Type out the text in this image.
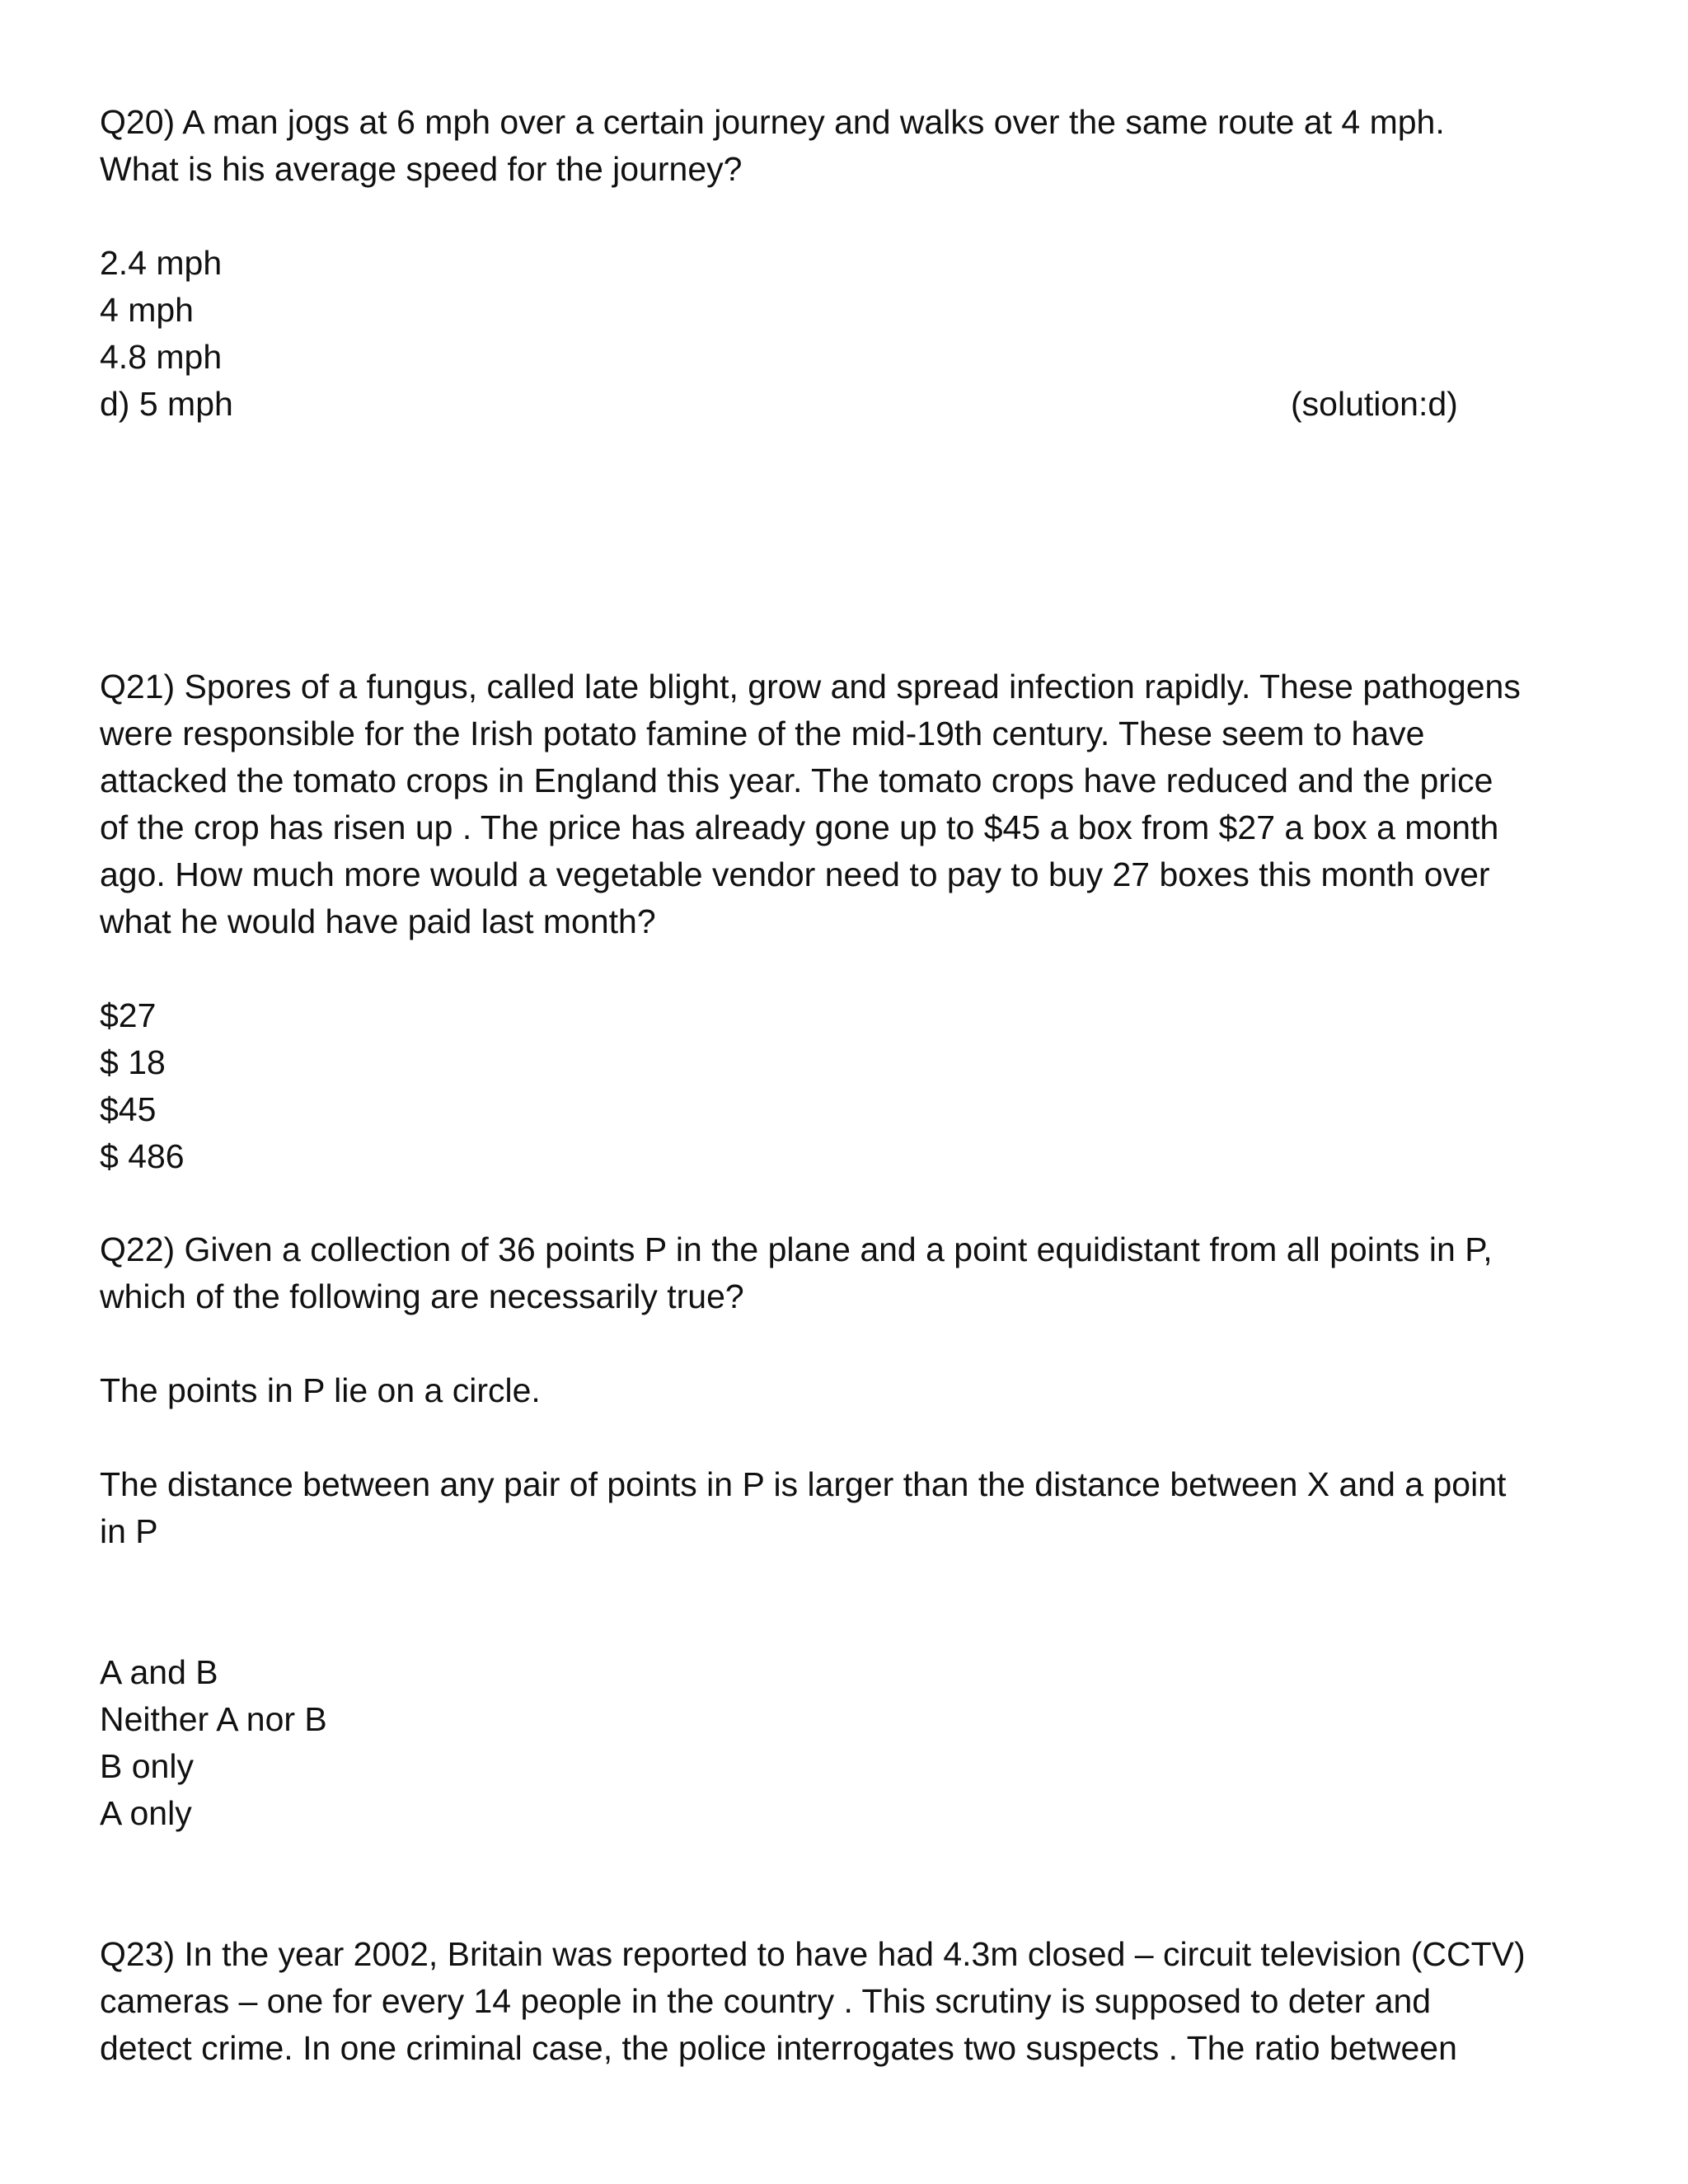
Q20) A man jogs at 6 mph over a certain journey and walks over the same route at 4 mph.

What is his average speed for the journey?

2.4 mph

4 mph

4.8 mph

d) 5 mph	(solution:d)

Q21) Spores of a fungus, called late blight, grow and spread infection rapidly. These pathogens

were responsible for the Irish potato famine of the mid-19th century. These seem to have

attacked the tomato crops in England this year. The tomato crops have reduced and the price

of the crop has risen up . The price has already gone up to $45 a box from $27 a box a month

ago. How much more would a vegetable vendor need to pay to buy 27 boxes this month over

what he would have paid last month?

$27

$ 18

$45

$ 486

Q22) Given a collection of 36 points P in the plane and a point equidistant from all points in P,

which of the following are necessarily true?

The points in P lie on a circle.

The distance between any pair of points in P is larger than the distance between X and a point

in P

A and B

Neither A nor B

B only

A only

Q23) In the year 2002, Britain was reported to have had 4.3m closed – circuit television (CCTV)

cameras – one for every 14 people in the country . This scrutiny is supposed to deter and

detect crime. In one criminal case, the police interrogates two suspects . The ratio between
